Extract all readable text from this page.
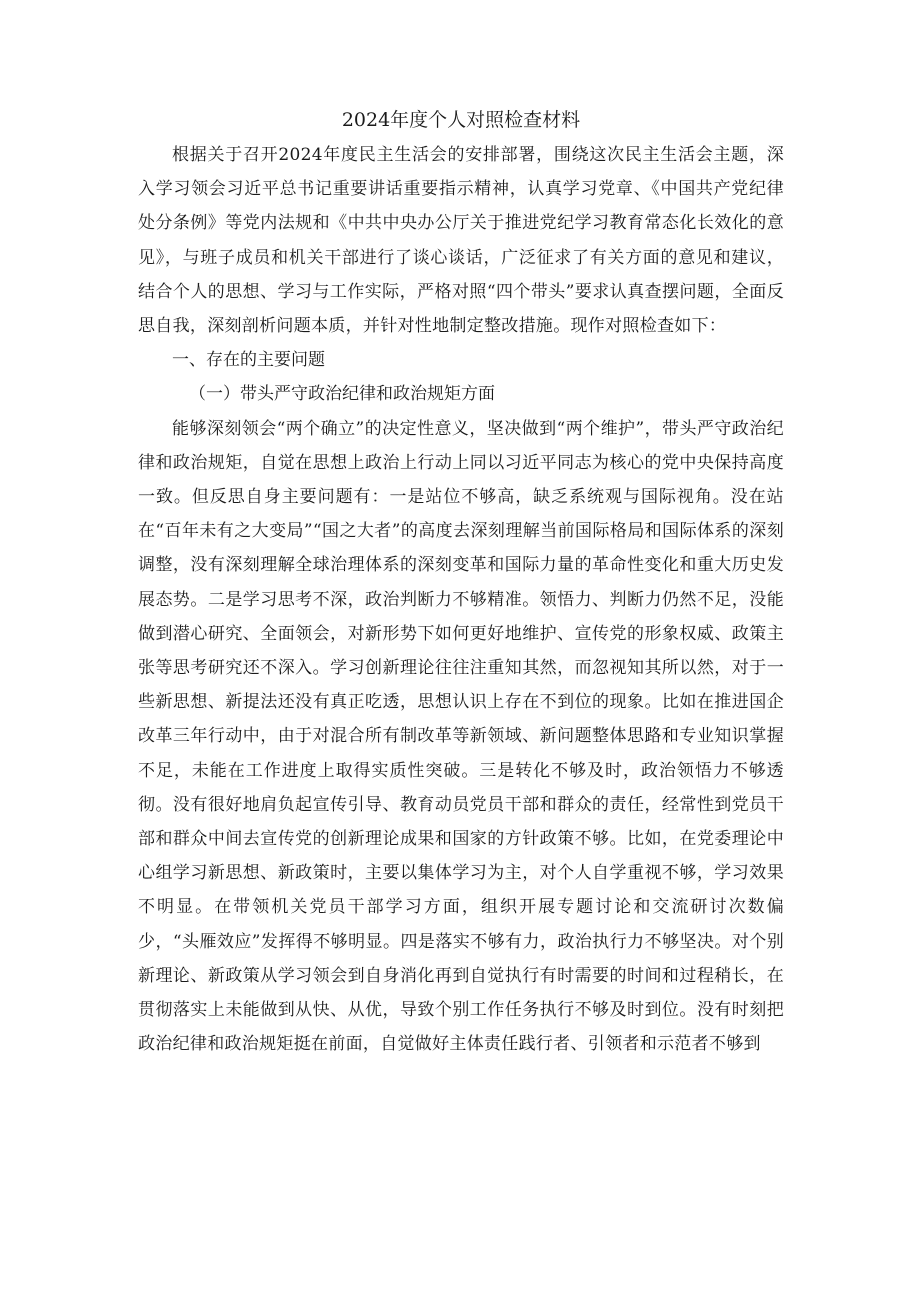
2024年度个人对照检查材料

根据关于召开2024年度民主生活会的安排部署，围绕这次民主生活会主题，深入学习领会习近平总书记重要讲话重要指示精神，认真学习党章、《中国共产党纪律处分条例》等党内法规和《中共中央办公厅关于推进党纪学习教育常态化长效化的意见》，与班子成员和机关干部进行了谈心谈话，广泛征求了有关方面的意见和建议，结合个人的思想、学习与工作实际，严格对照“四个带头”要求认真查摆问题，全面反思自我，深刻剖析问题本质，并针对性地制定整改措施。现作对照检查如下：

一、存在的主要问题

（一）带头严守政治纪律和政治规矩方面

能够深刻领会“两个确立”的决定性意义，坚决做到“两个维护”，带头严守政治纪律和政治规矩，自觉在思想上政治上行动上同以习近平同志为核心的党中央保持高度一致。但反思自身主要问题有：一是站位不够高，缺乏系统观与国际视角。没在站在“百年未有之大变局”“国之大者”的高度去深刻理解当前国际格局和国际体系的深刻调整，没有深刻理解全球治理体系的深刻变革和国际力量的革命性变化和重大历史发展态势。二是学习思考不深，政治判断力不够精准。领悟力、判断力仍然不足，没能做到潜心研究、全面领会，对新形势下如何更好地维护、宣传党的形象权威、政策主张等思考研究还不深入。学习创新理论往往注重知其然，而忽视知其所以然，对于一些新思想、新提法还没有真正吃透，思想认识上存在不到位的现象。比如在推进国企改革三年行动中，由于对混合所有制改革等新领域、新问题整体思路和专业知识掌握不足，未能在工作进度上取得实质性突破。三是转化不够及时，政治领悟力不够透彻。没有很好地肩负起宣传引导、教育动员党员干部和群众的责任，经常性到党员干部和群众中间去宣传党的创新理论成果和国家的方针政策不够。比如，在党委理论中心组学习新思想、新政策时，主要以集体学习为主，对个人自学重视不够，学习效果不明显。在带领机关党员干部学习方面，组织开展专题讨论和交流研讨次数偏少，“头雁效应”发挥得不够明显。四是落实不够有力，政治执行力不够坚决。对个别新理论、新政策从学习领会到自身消化再到自觉执行有时需要的时间和过程稍长，在贯彻落实上未能做到从快、从优，导致个别工作任务执行不够及时到位。没有时刻把政治纪律和政治规矩挺在前面，自觉做好主体责任践行者、引领者和示范者不够到
